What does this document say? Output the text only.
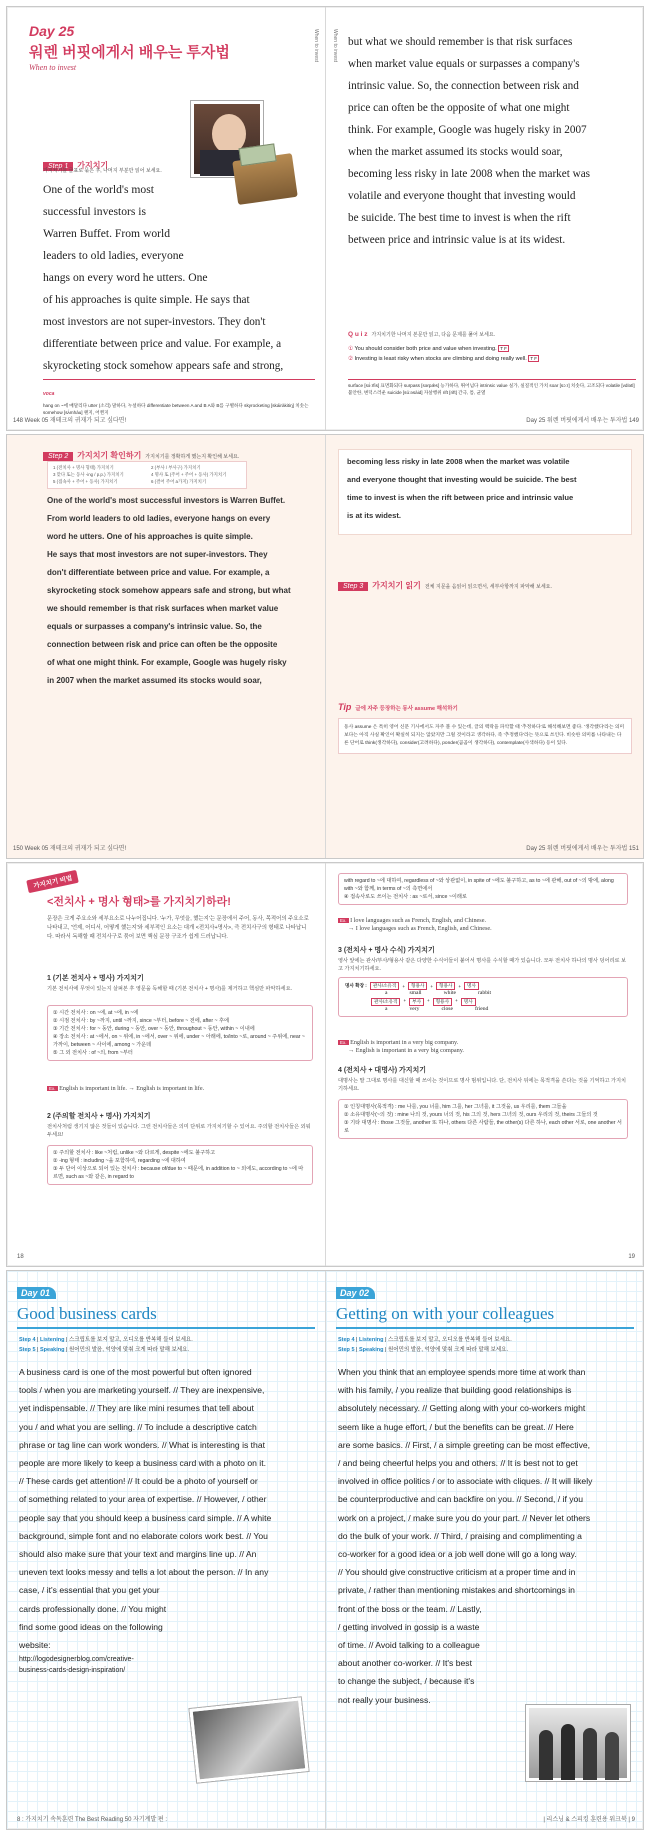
Day 25
워렌 버핏에게서 배우는 투자법
When to invest
Step 1 가지치기
가지치기를 글표로 묶은 후, 나머지 부분만 읽어 보세요.
One of the world's most
successful investors is
Warren Buffet. From world
leaders to old ladies, everyone
hangs on every word he utters. One
of his approaches is quite simple. He says that
most investors are not super-investors. They don't
differentiate between price and value. For example, a
skyrocketing stock somehow appears safe and strong,
voca
hang on ~에 매달리다 utter (소리) 말하다, 누설하다 differentiate between A and B A와 B를 구별하다 skyrocketing [skáiràkitiŋ] 치솟는 somehow [sʌ́mhàu] 왠지, 어쩐지
148 Week 05 재테크의 귀재가 되고 싶다면!
When to invest	When to invest but what we should remember is that risk surfaces
when market value equals or surpasses a company's
intrinsic value. So, the connection between risk and
price can often be the opposite of what one might
think. For example, Google was hugely risky in 2007
when the market assumed its stocks would soar,
becoming less risky in late 2008 when the market was
volatile and everyone thought that investing would
be suicide. The best time to invest is when the rift
between price and intrinsic value is at its widest.
Q u i z 가지치기한 나머지 본문만 읽고, 다음 문제를 풀어 보세요.
① You should consider both price and value when investing. T F
② Investing is least risky when stocks are climbing and doing really well. T F
surface [sə́ːrfis] 표면화되다 surpass [sərpǽs] 능가하다, 뛰어넘다 intrinsic value 실가, 실질적인 가치 soar [sɔːr] 치솟다, 고조되다 volatile [vɑ́lətl] 불안한, 변덕스러운 suicide [súːəsàid] 자살행위 rift [rift] 간극, 틈, 균열
Day 25 워렌 버핏에게서 배우는 투자법 149
Step 2 가지치기 확인하기 가지치기를 정확하게 했는지 확인해 보세요.
1 (전치사 + 명사 형태) 가지치기	2 (부사 / 부사구) 가지치기
3 맞다 또는 동사 -ing / p.p.) 가지치기	4 명사 또 (주어 + 주어 + 동사) 가지치기
5 (접속사 + 주어 + 동사) 가지치기	6 (결어 주어 a가지) 가지치기
One of the world's most successful investors is Warren Buffet.
From world leaders to old ladies, everyone hangs on every
word he utters. One of his approaches is quite simple.
He says that most investors are not super-investors. They
don't differentiate between price and value. For example, a
skyrocketing stock somehow appears safe and strong, but what
we should remember is that risk surfaces when market value
equals or surpasses a company's intrinsic value. So, the
connection between risk and price can often be the opposite
of what one might think. For example, Google was hugely risky
in 2007 when the market assumed its stocks would soar,
150 Week 05 재테크의 귀재가 되고 싶다면!
becoming less risky in late 2008 when the market was volatile
and everyone thought that investing would be suicide. The best
time to invest is when the rift between price and intrinsic value
is at its widest.
Step 3 가지치기 읽기 전체 지문을 음읽어 읽으면서, 세부사항까지 파악해 보세요.
Tip 글에 자주 등장하는 동사 assume 해석하기
동사 assume 은 특히 영어 신문 기사에서도 자주 볼 수 있는데, 글의 맥락을 파악할 때 '추정하다'로 해석해보면 좋다. '생각했다'라는 의미보다는 아직 사실 확인이 확실히 되지는 않았지만 그럴 것이라고 생각하다, 즉 '추정했다'라는 뜻으로 쓰인다. 비슷한 의미를 나타내는 다른 단어로 think(생각하다), consider(고려하다), ponder(곰곰이 생각하다), contemplate(사색하다) 등이 있다.
Day 25 워렌 버핏에게서 배우는 투자법 151
가지치기 비법
<전치사 + 명사 형태>를 가지치기하라!
문장은 크게 주요소와 세부요소로 나누어집니다. '누가, 무엇을, 했는지'는 문장에서 주어, 동사, 목적어의 주요소로 나타내고, '언제, 어디서, 어떻게 했는지'와 세부적인 요소는 대개 <전치사+명사>, 즉 전치사구의 형태로 나타납니다. 따라서 독해할 때 전치사구로 묶어 보면 핵심 문장 구조가 쉽게 드러납니다.
1 (기본 전치사 + 명사) 가지치기
기본 전치사에 무엇이 있는지 살펴본 후 영문을 독해할 때 (기본 전치사 + 명사)를 제거하고 핵심만 파악하세요.
① 시간 전치사 : on ~에, at ~에, in ~에
② 시점 전치사 : by ~까지, until ~까지, since ~부터, before ~ 전에, after ~ 후에
③ 기간 전치사 : for ~ 동안, during ~ 동안, over ~ 동안, throughout ~ 동안, within ~ 이내에
④ 장소 전치사 : at ~에서, on ~ 위에, in ~에서, over ~ 위에, under ~ 아래에, to/into ~로, around ~ 주위에, near ~ 가까이, between ~ 사이에, among ~ 가운데
⑤ 그 외 전치사 : of ~의, from ~부터
Ex. English is important in life. → English is important in life.
2 (주의할 전치사 + 명사) 가지치기
전치사처럼 생기지 않은 것들이 있습니다. 그런 전치사들은 의미 단위로 가지치기할 수 있어요. 주의할 전치사들은 외워 두세요!
① 주의할 전치사 : like ~처럼, unlike ~와 다르게, despite ~에도 불구하고
② -ing 형태 : including ~을 포함하여, regarding ~에 대하여
③ 두 단어 이상으로 되어 있는 전치사 : because of/due to ~ 때문에, in addition to ~ 외에도, according to ~에 따르면, such as ~와 같은, in regard to
18
with regard to ~에 대하여, regardless of ~와 상관없이, in spite of ~에도 불구하고, as to ~에 관해, out of ~의 밖에, along with ~와 함께, in terms of ~의 측면에서
④ 접속사로도 쓰이는 전치사 : as ~로서, since ~이래로
Ex. I love languages such as French, English, and Chinese.
→ I love languages such as French, English, and Chinese.
3 (전치사 + 명사 수식) 가지치기
영사 앞에는 관사/부사/형용사 같은 다양한 수식어들이 붙어서 명사를 수식할 때가 있습니다. 모두 전치사 하나의 명사 덩어리로 보고 가지치기하세요.
명사 확장 :	관사/소유격	+	형용사	+	형용사	+	명사
a	small	white	rabbit
관사/소유격	+	부사	+	형용사	+	명사
a	very	close	friend
Ex. English is important in a very big company.
→ English is important in a very big company.
4 (전치사 + 대명사) 가지치기
대명사는 말 그대로 명사를 대신할 때 쓰이는 것이므로 명사 범위입니다. 단, 전치사 뒤에는 목적격을 쓴다는 것을 기억하고 가지치기하세요.
① 인칭대명사(목적격) : me 나를, you 너를, him 그를, her 그녀를, it 그것을, us 우리를, them 그들을
② 소유대명사(~의 것) : mine 나의 것, yours 너의 것, his 그의 것, hers 그녀의 것, ours 우리의 것, theirs 그들의 것
③ 기타 대명사 : those 그것들, another 또 하나, others 다른 사람들, the other(s) 다른 하나, each other 서로, one another 서로
19
Day 01
Good business cards
Step 4 | Listening | 스크립트를 보지 말고, 오디오를 반복해 들어 보세요.
Step 5 | Speaking | 원어민의 발음, 억양에 맞춰 크게 따라 말해 보세요.
A business card is one of the most powerful but often ignored
tools / when you are marketing yourself. // They are inexpensive,
yet indispensable. // They are like mini resumes that tell about
you / and what you are selling. // To include a descriptive catch
phrase or tag line can work wonders. // What is interesting is that
people are more likely to keep a business card with a photo on it.
// These cards get attention! // It could be a photo of yourself or
of something related to your area of expertise. // However, / other
people say that you should keep a business card simple. // A white
background, simple font and no elaborate colors work best. // You
should also make sure that your text and margins line up. // An
uneven text looks messy and tells a lot about the person. // In any
case, / it's essential that you get your
cards professionally done. // You might
find some good ideas on the following
website:
http://logodesignerblog.com/creative-
business-cards-design-inspiration/
8 : 가지치기 속독훈련 The Best Reading 50 자기계발 편 :
Day 02
Getting on with your colleagues
Step 4 | Listening | 스크립트를 보지 말고, 오디오를 반복해 들어 보세요.
Step 5 | Speaking | 원어민의 발음, 억양에 맞춰 크게 따라 말해 보세요.
When you think that an employee spends more time at work than
with his family, / you realize that building good relationships is
absolutely necessary. // Getting along with your co-workers might
seem like a huge effort, / but the benefits can be great. // Here
are some basics. // First, / a simple greeting can be most effective,
/ and being cheerful helps you and others. // It is best not to get
involved in office politics / or to associate with cliques. // It will likely
be counterproductive and can backfire on you. // Second, / if you
work on a project, / make sure you do your part. // Never let others
do the bulk of your work. // Third, / praising and complimenting a
co-worker for a good idea or a job well done will go a long way.
// You should give constructive criticism at a proper time and in
private, / rather than mentioning mistakes and shortcomings in
front of the boss or the team. // Lastly,
/ getting involved in gossip is a waste
of time. // Avoid talking to a colleague
about another co-worker. // It's best
to change the subject, / because it's
not really your business.
| 리스닝 & 스피킹 훈련용 워크북 | 9
